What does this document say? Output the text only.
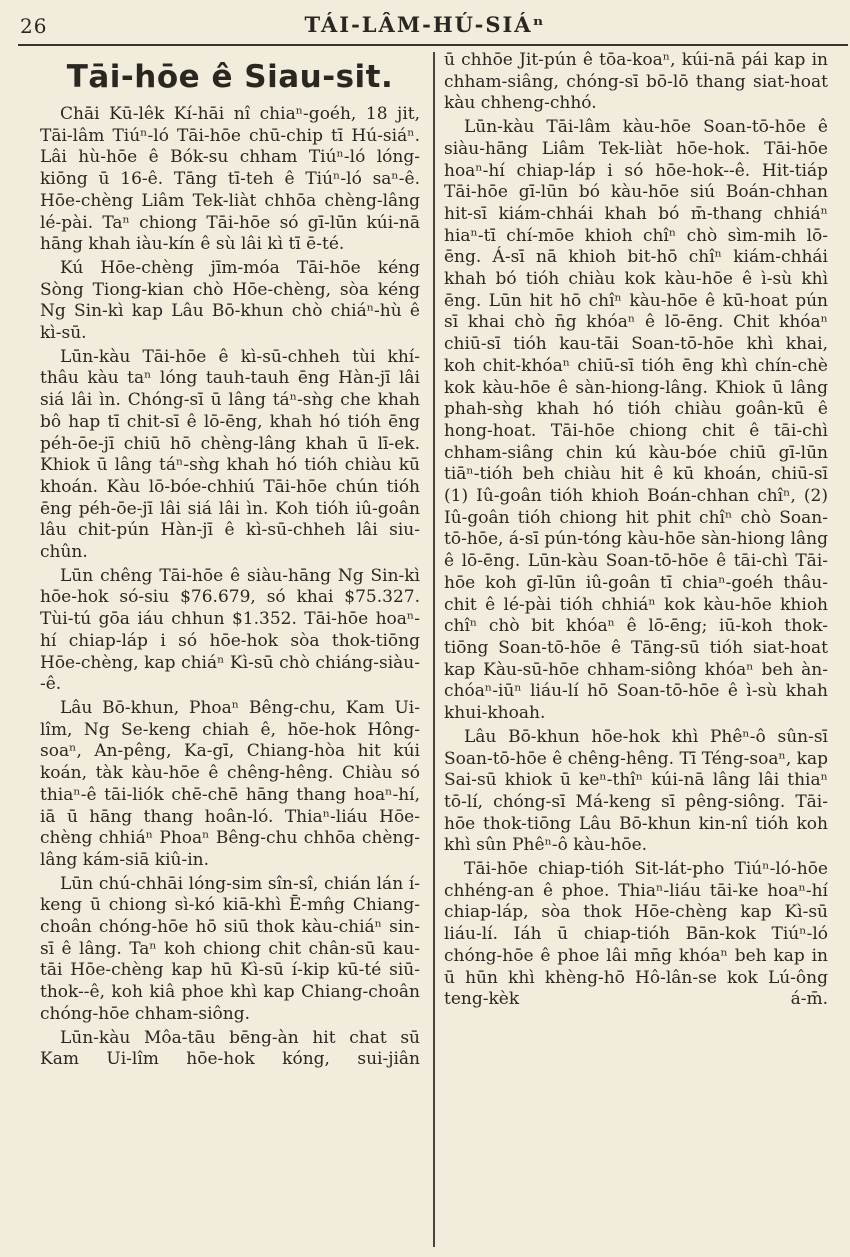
26	TÁI-LÂM-HÚ-SIÁⁿ
Tāi-hōe ê Siau-sit.

Chāi Kū-lêk Kí-hāi nî chiaⁿ-goéh, 18 jit, Tāi-lâm Tiúⁿ-ló Tāi-hōe chū-chip tī Hú-siáⁿ. Lâi hù-hōe ê Bók-su chham Tiúⁿ-ló lóng-kiōng ū 16-ê. Tāng tī-teh ê Tiúⁿ-ló saⁿ-ê. Hōe-chèng Liâm Tek-liàt chhōa chèng-lâng lé-pài. Taⁿ chiong Tāi-hōe só gī-lūn kúi-nā hāng khah iàu-kín ê sù lâi kì tī ē-té.

Kú Hōe-chèng jīm-móa Tāi-hōe kéng Sòng Tiong-kian chò Hōe-chèng, sòa kéng Ng Sin-kì kap Lâu Bō-khun chò chiáⁿ-hù ê kì-sū.

Lūn-kàu Tāi-hōe ê kì-sū-chheh tùi khí-thâu kàu taⁿ lóng tauh-tauh ēng Hàn-jī lâi siá lâi ìn. Chóng-sī ū lâng táⁿ-sǹg che khah bô hap tī chit-sī ê lō-ēng, khah hó tióh ēng péh-ōe-jī chiū hō chèng-lâng khah ū lī-ek. Khiok ū lâng táⁿ-sǹg khah hó tióh chiàu kū khoán. Kàu lō-bóe-chhiú Tāi-hōe chún tióh ēng péh-ōe-jī lâi siá lâi ìn. Koh tióh iû-goân lâu chit-pún Hàn-jī ê kì-sū-chheh lâi siu-chûn.

Lūn chêng Tāi-hōe ê siàu-hāng Ng Sin-kì hōe-hok só-siu $76.679, só khai $75.327. Tùi-tú gōa iáu chhun $1.352. Tāi-hōe hoaⁿ-hí chiap-láp i só hōe-hok sòa thok-tiōng Hōe-chèng, kap chiáⁿ Kì-sū chò chiáng-siàu--ê.

Lâu Bō-khun, Phoaⁿ Bêng-chu, Kam Ui-lîm, Ng Se-keng chiah ê, hōe-hok Hông-soaⁿ, An-pêng, Ka-gī, Chiang-hòa hit kúi koán, tàk kàu-hōe ê chêng-hêng. Chiàu só thiaⁿ-ê tāi-liók chē-chē hāng thang hoaⁿ-hí, iā ū hāng thang hoân-ló. Thiaⁿ-liáu Hōe-chèng chhiáⁿ Phoaⁿ Bêng-chu chhōa chèng-lâng kám-siā kiû-in.

Lūn chú-chhāi lóng-sim sîn-sî, chián lán í-keng ū chiong sì-kó kiā-khì Ē-mn̂g Chiang-choân chóng-hōe hō siū thok kàu-chiáⁿ sin-sī ê lâng. Taⁿ koh chiong chit chân-sū kau-tāi Hōe-chèng kap hū Kì-sū í-kip kū-té siū-thok--ê, koh kiâ phoe khì kap Chiang-choân chóng-hōe chham-siông.

Lūn-kàu Môa-tāu bēng-àn hit chat sū Kam Ui-lîm hōe-hok kóng, sui-jiân

ū chhōe Jit-pún ê tōa-koaⁿ, kúi-nā pái kap in chham-siâng, chóng-sī bō-lō thang siat-hoat kàu chheng-chhó.

Lūn-kàu Tāi-lâm kàu-hōe Soan-tō-hōe ê siàu-hāng Liâm Tek-liàt hōe-hok. Tāi-hōe hoaⁿ-hí chiap-láp i só hōe-hok--ê. Hit-tiáp Tāi-hōe gī-lūn bó kàu-hōe siú Boán-chhan hit-sī kiám-chhái khah bó m̄-thang chhiáⁿ hiaⁿ-tī chí-mōe khioh chîⁿ chò sìm-mih lō-ēng. Á-sī nā khioh bit-hō chîⁿ kiám-chhái khah bó tióh chiàu kok kàu-hōe ê ì-sù khì ēng. Lūn hit hō chîⁿ kàu-hōe ê kū-hoat pún sī khai chò n̄g khóaⁿ ê lō-ēng. Chit khóaⁿ chiū-sī tióh kau-tāi Soan-tō-hōe khì khai, koh chit-khóaⁿ chiū-sī tióh ēng khì chín-chè kok kàu-hōe ê sàn-hiong-lâng. Khiok ū lâng phah-sǹg khah hó tióh chiàu goân-kū ê hong-hoat. Tāi-hōe chiong chit ê tāi-chì chham-siâng chin kú kàu-bóe chiū gī-lūn tiāⁿ-tióh beh chiàu hit ê kū khoán, chiū-sī (1) Iû-goân tióh khioh Boán-chhan chîⁿ, (2) Iû-goân tióh chiong hit phit chîⁿ chò Soan-tō-hōe, á-sī pún-tóng kàu-hōe sàn-hiong lâng ê lō-ēng. Lūn-kàu Soan-tō-hōe ê tāi-chì Tāi-hōe koh gī-lūn iû-goân tī chiaⁿ-goéh thâu-chit ê lé-pài tióh chhiáⁿ kok kàu-hōe khioh chîⁿ chò bit khóaⁿ ê lō-ēng; iū-koh thok-tiōng Soan-tō-hōe ê Tāng-sū tióh siat-hoat kap Kàu-sū-hōe chham-siông khóaⁿ beh àn-chóaⁿ-iūⁿ liáu-lí hō Soan-tō-hōe ê ì-sù khah khui-khoah.

Lâu Bō-khun hōe-hok khì Phêⁿ-ô sûn-sī Soan-tō-hōe ê chêng-hêng. Tī Téng-soaⁿ, kap Sai-sū khiok ū keⁿ-thîⁿ kúi-nā lâng lâi thiaⁿ tō-lí, chóng-sī Má-keng sī pêng-siông. Tāi-hōe thok-tiōng Lâu Bō-khun kin-nî tióh koh khì sûn Phêⁿ-ô kàu-hōe.

Tāi-hōe chiap-tióh Sit-lát-pho Tiúⁿ-ló-hōe chhéng-an ê phoe. Thiaⁿ-liáu tāi-ke hoaⁿ-hí chiap-láp, sòa thok Hōe-chèng kap Kì-sū liáu-lí. Iáh ū chiap-tióh Bān-kok Tiúⁿ-ló chóng-hōe ê phoe lâi mn̄g khóaⁿ beh kap in ū hūn khì khèng-hō Hô-lân-se kok Lú-ông teng-kèk á-m̄.
